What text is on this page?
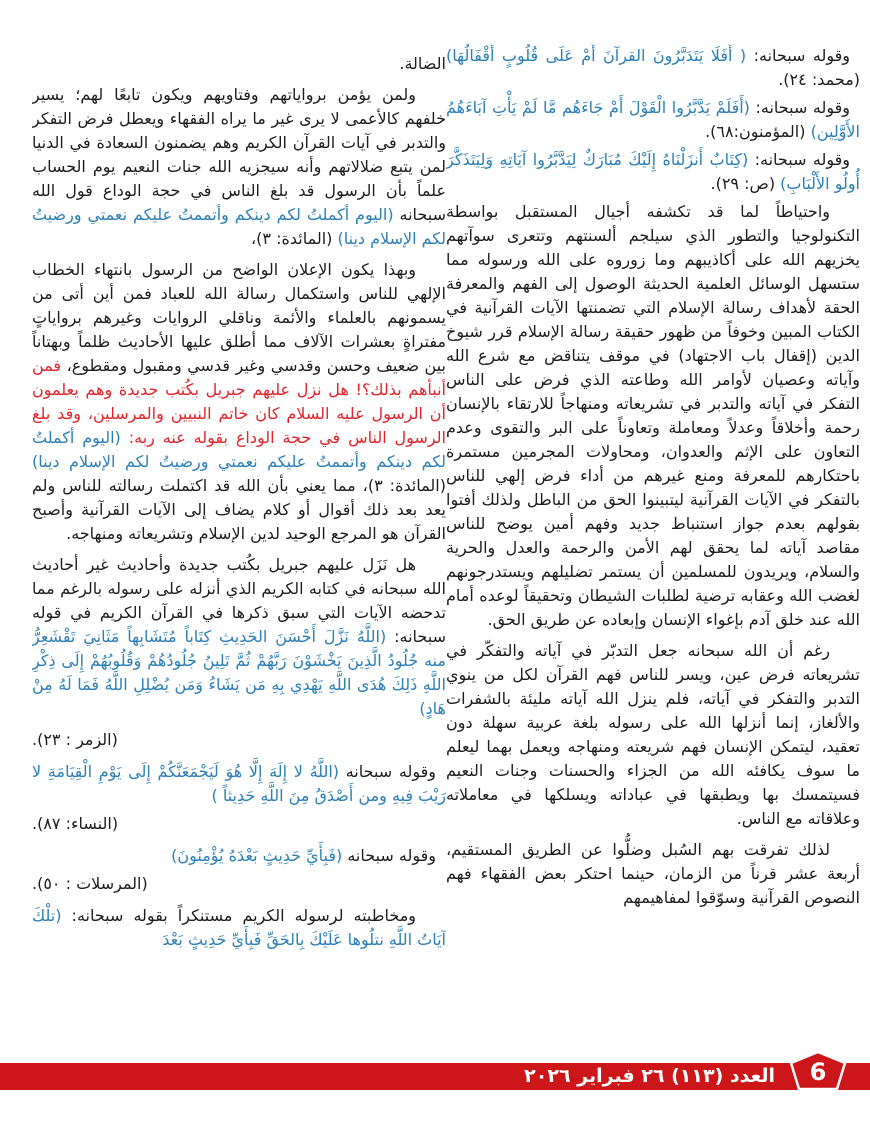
وقوله سبحانه: ( أَفَلَا يَتَدَبَّرُونَ القرآنَ أَمْ عَلَى قُلُوبٍ أَقْفَالُهَا) (محمد: ٢٤).

وقوله سبحانه: (أَفَلَمْ يَدَّبَّرُوا الْقَوْلَ أَمْ جَاءَهُم مَّا لَمْ يَأْتِ آبَاءَهُمُ الأَوَّلِين) (المؤمنون:٦٨).

وقوله سبحانه: (كِتَابٌ أَنزَلْنَاهُ إِلَيْكَ مُبَارَكٌ لِيَدَّبَّرُوا آيَاتِهِ وَلِيَتَذَكَّرَ أُولُو الأَلْبَابِ) (ص: ٢٩).

واحتياطاً لما قد تكشفه أجيال المستقبل بواسطة التكنولوجيا والتطور الذي سيلجم ألسنتهم وتتعرى سوآتهم يخزيهم الله على أكاذيبهم وما زوروه على الله ورسوله مما ستسهل الوسائل العلمية الحديثة الوصول إلى الفهم والمعرفة الحقة لأهداف رسالة الإسلام التي تضمنتها الآيات القرآنية في الكتاب المبين وخوفاً من ظهور حقيقة رسالة الإسلام قرر شيوخ الدين (إقفال باب الاجتهاد) في موقف يتناقض مع شرع الله وآياته وعصيان لأوامر الله وطاعته الذي فرض على الناس التفكر في آياته والتدبر في تشريعاته ومنهاجاً للارتقاء بالإنسان رحمة وأخلاقاً وعدلاً ومعاملة وتعاوناً على البر والتقوى وعدم التعاون على الإثم والعدوان، ومحاولات المجرمين مستمرة باحتكارهم للمعرفة ومنع غيرهم من أداء فرض إلهي للناس بالتفكر في الآيات القرآنية ليتبينوا الحق من الباطل ولذلك أفتوا بقولهم بعدم جواز استنباط جديد وفهم أمين يوضح للناس مقاصد آياته لما يحقق لهم الأمن والرحمة والعدل والحرية والسلام، ويريدون للمسلمين أن يستمر تضليلهم ويستدرجونهم لغضب الله وعقابه ترضية لطلبات الشيطان وتحقيقاً لوعده أمام الله عند خلق آدم بإغواء الإنسان وإبعاده عن طريق الحق.

رغم أن الله سبحانه جعل التدبّر في آياته والتفكّر في تشريعاته فرض عين، ويسر للناس فهم القرآن لكل من ينوي التدبر والتفكر في آياته، فلم ينزل الله آياته مليئة بالشفرات والألغاز، إنما أنزلها الله على رسوله بلغة عربية سهلة دون تعقيد، ليتمكن الإنسان فهم شريعته ومنهاجه ويعمل بهما ليعلم ما سوف يكافئه الله من الجزاء والحسنات وجنات النعيم فسيتمسك بها ويطبقها في عباداته ويسلكها في معاملاته وعلاقاته مع الناس.

لذلك تفرقت بهم السُبل وضلُّوا عن الطريق المستقيم، أربعة عشر قرناً من الزمان، حينما احتكر بعض الفقهاء فهم النصوص القرآنية وسوّقوا لمفاهيمهم

الضالة.

ولمن يؤمن برواياتهم وفتاويهم ويكون تابعًا لهم؛ يسير خلفهم كالأعمى لا يرى غير ما يراه الفقهاء ويعطل فرض التفكر والتدبر في آيات القرآن الكريم وهم يضمنون السعادة في الدنيا لمن يتبع ضلالاتهم وأنه سيجزيه الله جنات النعيم يوم الحساب علماً بأن الرسول قد بلغ الناس في حجة الوداع قول الله سبحانه (اليوم أكملتُ لكم دينكم وأتممتُ عليكم نعمتي ورضيتُ لكم الإسلام دينا) (المائدة: ٣)،

وبهذا يكون الإعلان الواضح من الرسول بانتهاء الخطاب الإلهي للناس واستكمال رسالة الله للعباد فمن أين أتى من يسمونهم بالعلماء والأئمة وناقلي الروايات وغيرهم برواياتٍ مفتراةٍ بعشرات الآلاف مما أطلق عليها الأحاديث ظلماً وبهتاناً بين ضعيف وحسن وقدسي وغير قدسي ومقبول ومقطوع، فمن أنبأهم بذلك؟! هل نزل عليهم جبريل بكُتب جديدة وهم يعلمون أن الرسول عليه السلام كان خاتم النبيين والمرسلين، وقد بلغ الرسول الناس في حجة الوداع بقوله عنه ربه: (اليوم أكملتُ لكم دينكم وأتممتُ عليكم نعمتي ورضيتُ لكم الإسلام دينا) (المائدة: ٣)، مما يعني بأن الله قد اكتملت رسالته للناس ولم يعد بعد ذلك أقوال أو كلام يضاف إلى الآيات القرآنية وأصبح القرآن هو المرجع الوحيد لدين الإسلام وتشريعاته ومنهاجه.

هل نَزَل عليهم جبريل بكُتب جديدة وأحاديث غير أحاديث الله سبحانه في كتابه الكريم الذي أنزله على رسوله بالرغم مما تدحضه الآيات التي سبق ذكرها في القرآن الكريم في قوله سبحانه: (اللَّهُ نَزَّلَ أَحْسَنَ الحَدِيثِ كِتَاباً مُتَشَابِهاً مَثَانِيَ تَقْشَعِرُّ منه جُلُودُ الَّذِينَ يَخْشَوْنَ رَبَّهُمْ ثُمَّ تَلِينُ جُلُودُهُمْ وَقُلُوبُهُمْ إِلَى ذِكْرِ اللَّهِ ذَلِكَ هُدَى اللَّهِ يَهْدِي بِهِ مَن يَشَاءُ وَمَن يُضْلِلِ اللَّهُ فَمَا لَهُ مِنْ هَادٍ)

(الزمر : ٢٣).

وقوله سبحانه (اللَّهُ لا إِلَهَ إِلَّا هُوَ لَيَجْمَعَنَّكُمْ إِلَى يَوْمِ الْقِيَامَةِ لا رَيْبَ فِيهِ ومن أَصْدَقُ مِنَ اللَّهِ حَدِيثاً )

(النساء: ٨٧).

وقوله سبحانه (فَبِأَيِّ حَدِيثٍ بَعْدَهُ يُؤْمِنُونَ)

(المرسلات : ٥٠).

ومخاطبته لرسوله الكريم مستنكراً بقوله سبحانه: (تلْكَ آيَاتُ اللَّهِ نتلُوها عَلَيْكَ بِالحَقِّ فَبِأَيِّ حَدِيثٍ بَعْدَ

العدد (١١٣) ٢٦ فبراير ٢٠٢٦ 6
